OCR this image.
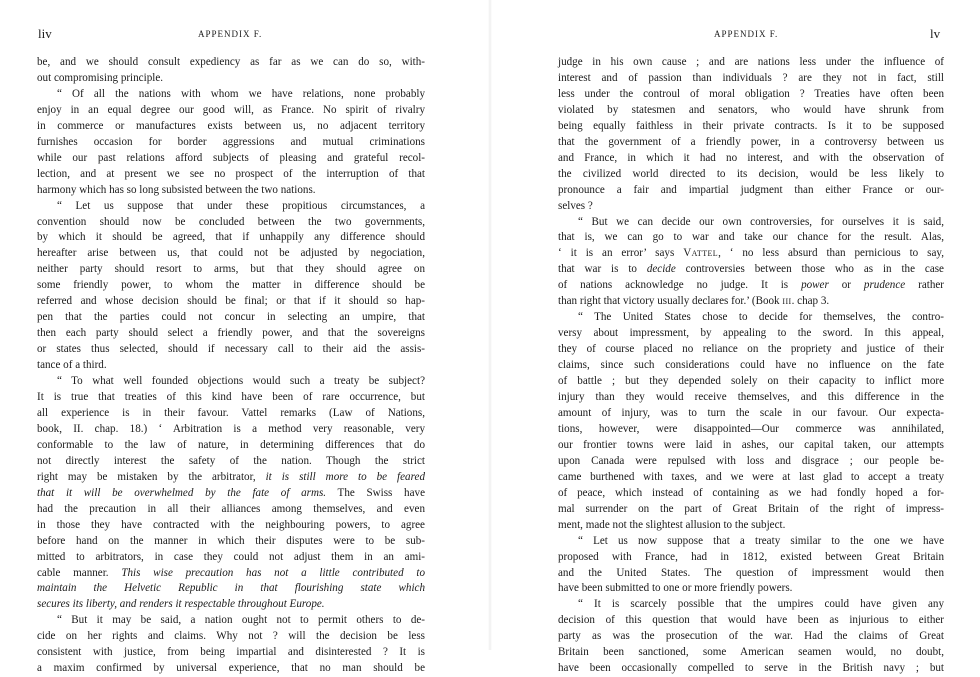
liv	APPENDIX F.
be, and we should consult expediency as far as we can do so, with-
out compromising principle.
“ Of all the nations with whom we have relations, none probably
enjoy in an equal degree our good will, as France. No spirit of rivalry
in commerce or manufactures exists between us, no adjacent territory
furnishes occasion for border aggressions and mutual criminations
while our past relations afford subjects of pleasing and grateful recol-
lection, and at present we see no prospect of the interruption of that
harmony which has so long subsisted between the two nations.
“ Let us suppose that under these propitious circumstances, a
convention should now be concluded between the two governments,
by which it should be agreed, that if unhappily any difference should
hereafter arise between us, that could not be adjusted by negociation,
neither party should resort to arms, but that they should agree on
some friendly power, to whom the matter in difference should be
referred and whose decision should be final; or that if it should so hap-
pen that the parties could not concur in selecting an umpire, that
then each party should select a friendly power, and that the sovereigns
or states thus selected, should if necessary call to their aid the assis-
tance of a third.
“ To what well founded objections would such a treaty be subject?
It is true that treaties of this kind have been of rare occurrence, but
all experience is in their favour. Vattel remarks (Law of Nations,
book, II. chap. 18.) ‘ Arbitration is a method very reasonable, very
conformable to the law of nature, in determining differences that do
not directly interest the safety of the nation. Though the strict
right may be mistaken by the arbitrator, it is still more to be feared
that it will be overwhelmed by the fate of arms. The Swiss have
had the precaution in all their alliances among themselves, and even
in those they have contracted with the neighbouring powers, to agree
before hand on the manner in which their disputes were to be sub-
mitted to arbitrators, in case they could not adjust them in an ami-
cable manner. This wise precaution has not a little contributed to
maintain the Helvetic Republic in that flourishing state which
secures its liberty, and renders it respectable throughout Europe.
“ But it may be said, a nation ought not to permit others to de-
cide on her rights and claims. Why not ? will the decision be less
consistent with justice, from being impartial and disinterested ? It is
a maxim confirmed by universal experience, that no man should be
APPENDIX F.	lv
judge in his own cause ; and are nations less under the influence of
interest and of passion than individuals ? are they not in fact, still
less under the controul of moral obligation ? Treaties have often been
violated by statesmen and senators, who would have shrunk from
being equally faithless in their private contracts. Is it to be supposed
that the government of a friendly power, in a controversy between us
and France, in which it had no interest, and with the observation of
the civilized world directed to its decision, would be less likely to
pronounce a fair and impartial judgment than either France or our-
selves ?
“ But we can decide our own controversies, for ourselves it is said,
that is, we can go to war and take our chance for the result. Alas,
‘ it is an error’ says Vattel, ‘ no less absurd than pernicious to say,
that war is to decide controversies between those who as in the case
of nations acknowledge no judge. It is power or prudence rather
than right that victory usually declares for.’ (Book iii. chap 3.
“ The United States chose to decide for themselves, the contro-
versy about impressment, by appealing to the sword. In this appeal,
they of course placed no reliance on the propriety and justice of their
claims, since such considerations could have no influence on the fate
of battle ; but they depended solely on their capacity to inflict more
injury than they would receive themselves, and this difference in the
amount of injury, was to turn the scale in our favour. Our expecta-
tions, however, were disappointed—Our commerce was annihilated,
our frontier towns were laid in ashes, our capital taken, our attempts
upon Canada were repulsed with loss and disgrace ; our people be-
came burthened with taxes, and we were at last glad to accept a treaty
of peace, which instead of containing as we had fondly hoped a for-
mal surrender on the part of Great Britain of the right of impress-
ment, made not the slightest allusion to the subject.
“ Let us now suppose that a treaty similar to the one we have
proposed with France, had in 1812, existed between Great Britain
and the United States. The question of impressment would then
have been submitted to one or more friendly powers.
“ It is scarcely possible that the umpires could have given any
decision of this question that would have been as injurious to either
party as was the prosecution of the war. Had the claims of Great
Britain been sanctioned, some American seamen would, no doubt,
have been occasionally compelled to serve in the British navy ; but
